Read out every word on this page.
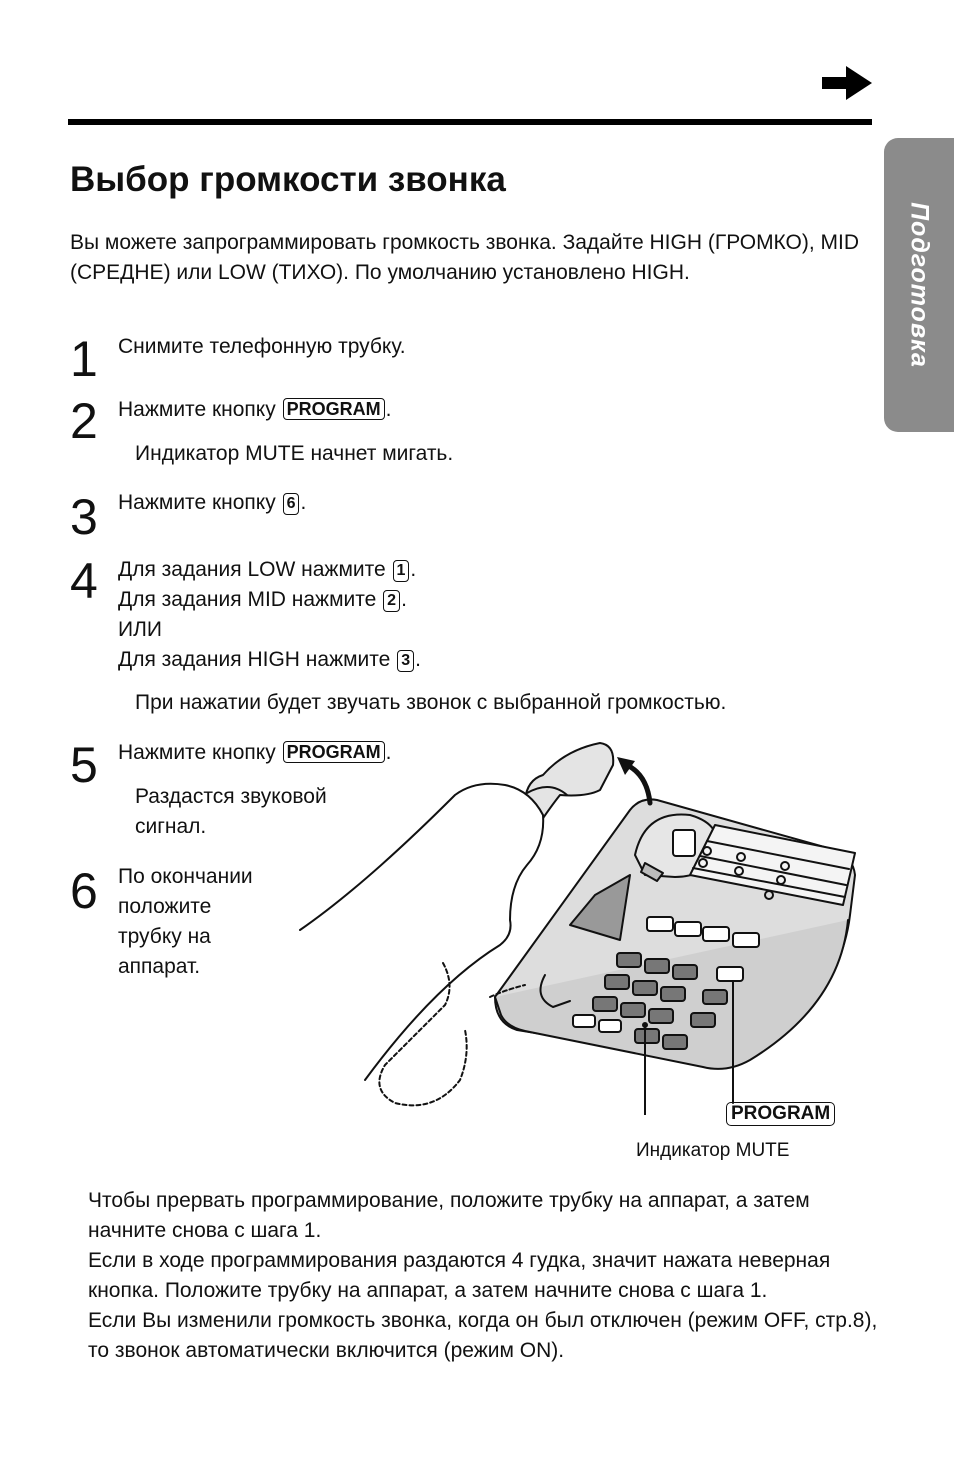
Подготовка
Выбор громкости звонка
Вы можете запрограммировать громкость звонка. Задайте HIGH (ГРОМКО), MID (СРЕДНЕ) или LOW (ТИХО). По умолчанию установлено HIGH.
1 Снимите телефонную трубку.
2 Нажмите кнопку PROGRAM .
Индикатор MUTE начнет мигать.
3 Нажмите кнопку 6 .
4 Для задания LOW нажмите 1 .
Для задания MID нажмите 2 .
ИЛИ
Для задания HIGH нажмите 3 .
При нажатии будет звучать звонок с выбранной громкостью.
5 Нажмите кнопку PROGRAM .
Раздастся звуковой
сигнал.
6 По окончании
положите
трубку на
аппарат.
PROGRAM
Индикатор MUTE

Чтобы прервать программирование, положите трубку на аппарат, а затем начните снова с шага 1.

Если в ходе программирования раздаются 4 гудка, значит нажата неверная кнопка. Положите трубку на аппарат, а затем начните снова с шага 1.

Если Вы изменили громкость звонка, когда он был отключен (режим OFF, стр.8), то звонок автоматически включится (режим ON).
